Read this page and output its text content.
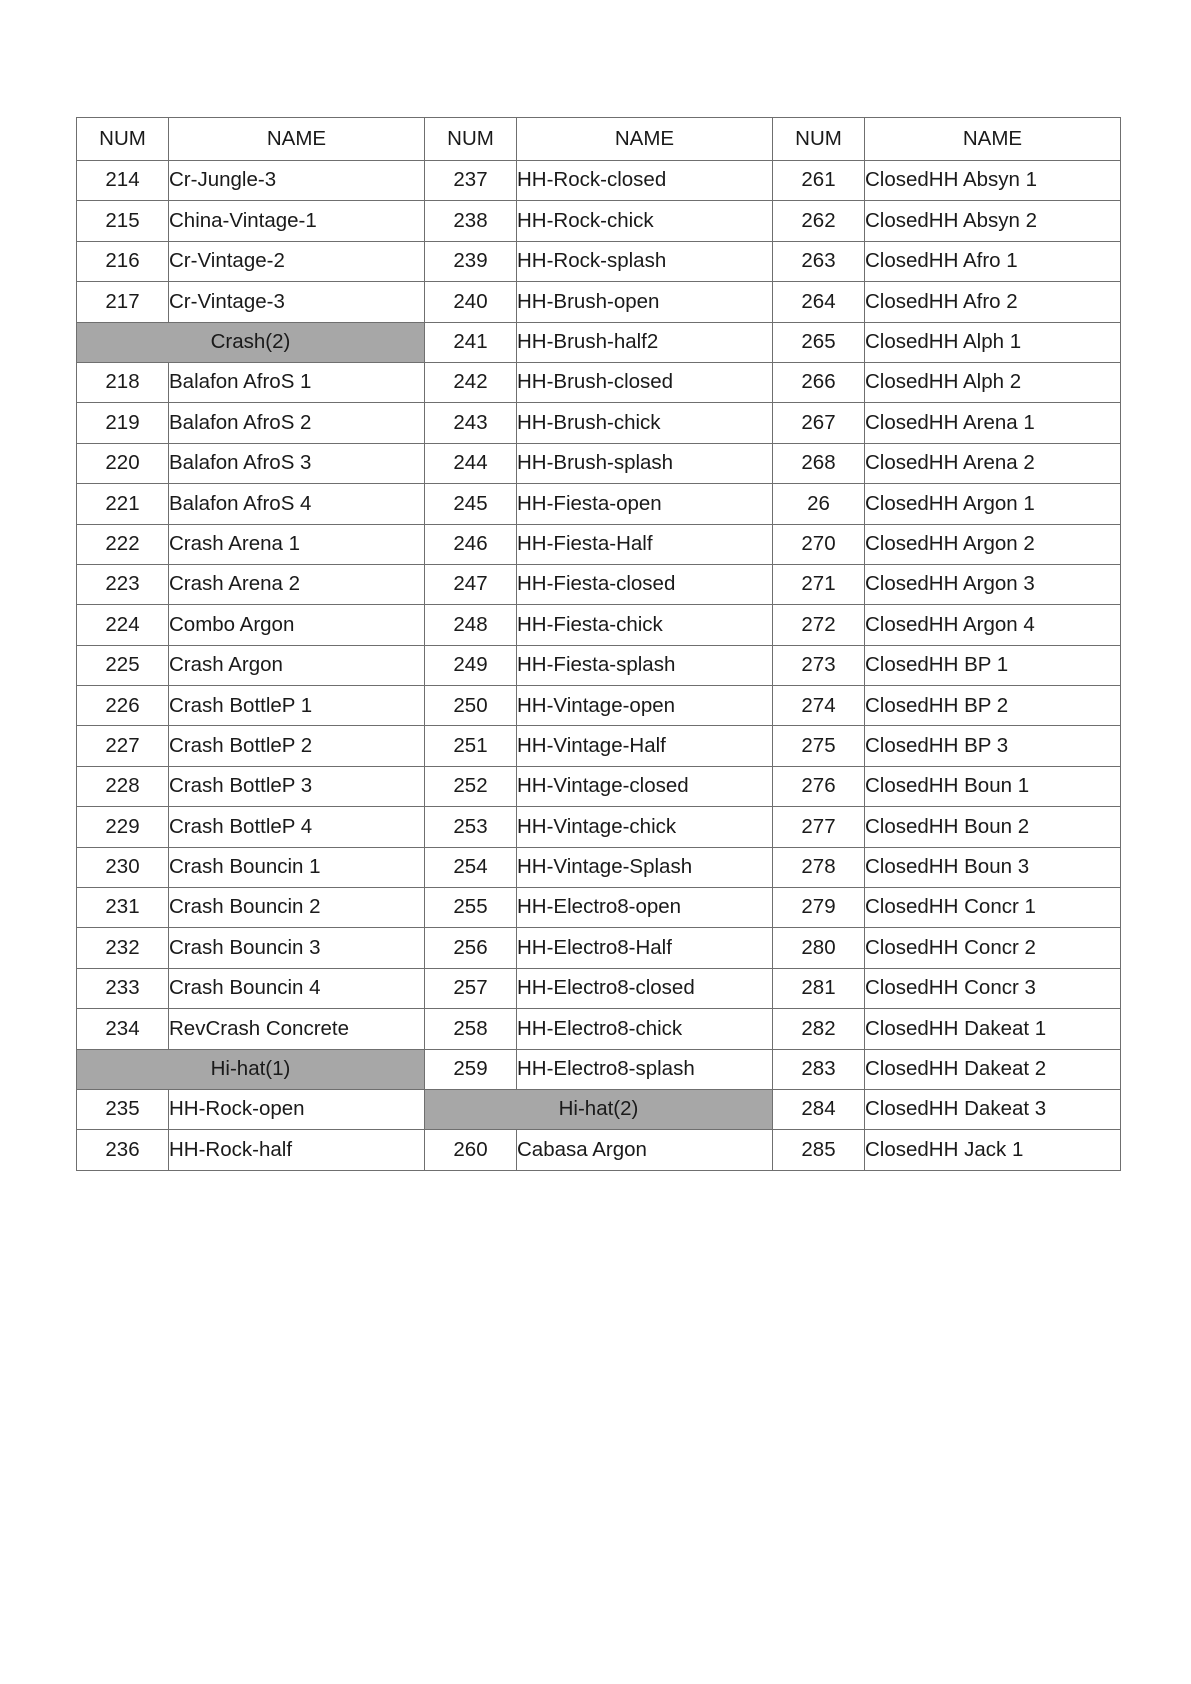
NUM	NAME	NUM	NAME	NUM	NAME
214	Cr-Jungle-3	237	HH-Rock-closed	261	ClosedHH Absyn 1
215	China-Vintage-1	238	HH-Rock-chick	262	ClosedHH Absyn 2
216	Cr-Vintage-2	239	HH-Rock-splash	263	ClosedHH Afro 1
217	Cr-Vintage-3	240	HH-Brush-open	264	ClosedHH Afro 2
Crash(2)		241	HH-Brush-half2	265	ClosedHH Alph 1
218	Balafon AfroS 1	242	HH-Brush-closed	266	ClosedHH Alph 2
219	Balafon AfroS 2	243	HH-Brush-chick	267	ClosedHH Arena 1
220	Balafon AfroS 3	244	HH-Brush-splash	268	ClosedHH Arena 2
221	Balafon AfroS 4	245	HH-Fiesta-open	26	ClosedHH Argon 1
222	Crash Arena 1	246	HH-Fiesta-Half	270	ClosedHH Argon 2
223	Crash Arena 2	247	HH-Fiesta-closed	271	ClosedHH Argon 3
224	Combo Argon	248	HH-Fiesta-chick	272	ClosedHH Argon 4
225	Crash Argon	249	HH-Fiesta-splash	273	ClosedHH BP 1
226	Crash BottleP 1	250	HH-Vintage-open	274	ClosedHH BP 2
227	Crash BottleP 2	251	HH-Vintage-Half	275	ClosedHH BP 3
228	Crash BottleP 3	252	HH-Vintage-closed	276	ClosedHH Boun 1
229	Crash BottleP 4	253	HH-Vintage-chick	277	ClosedHH Boun 2
230	Crash Bouncin 1	254	HH-Vintage-Splash	278	ClosedHH Boun 3
231	Crash Bouncin 2	255	HH-Electro8-open	279	ClosedHH Concr 1
232	Crash Bouncin 3	256	HH-Electro8-Half	280	ClosedHH Concr 2
233	Crash Bouncin 4	257	HH-Electro8-closed	281	ClosedHH Concr 3
234	RevCrash Concrete	258	HH-Electro8-chick	282	ClosedHH Dakeat 1
Hi-hat(1)		259	HH-Electro8-splash	283	ClosedHH Dakeat 2
235	HH-Rock-open	Hi-hat(2)		284	ClosedHH Dakeat 3
236	HH-Rock-half	260	Cabasa Argon	285	ClosedHH Jack 1
